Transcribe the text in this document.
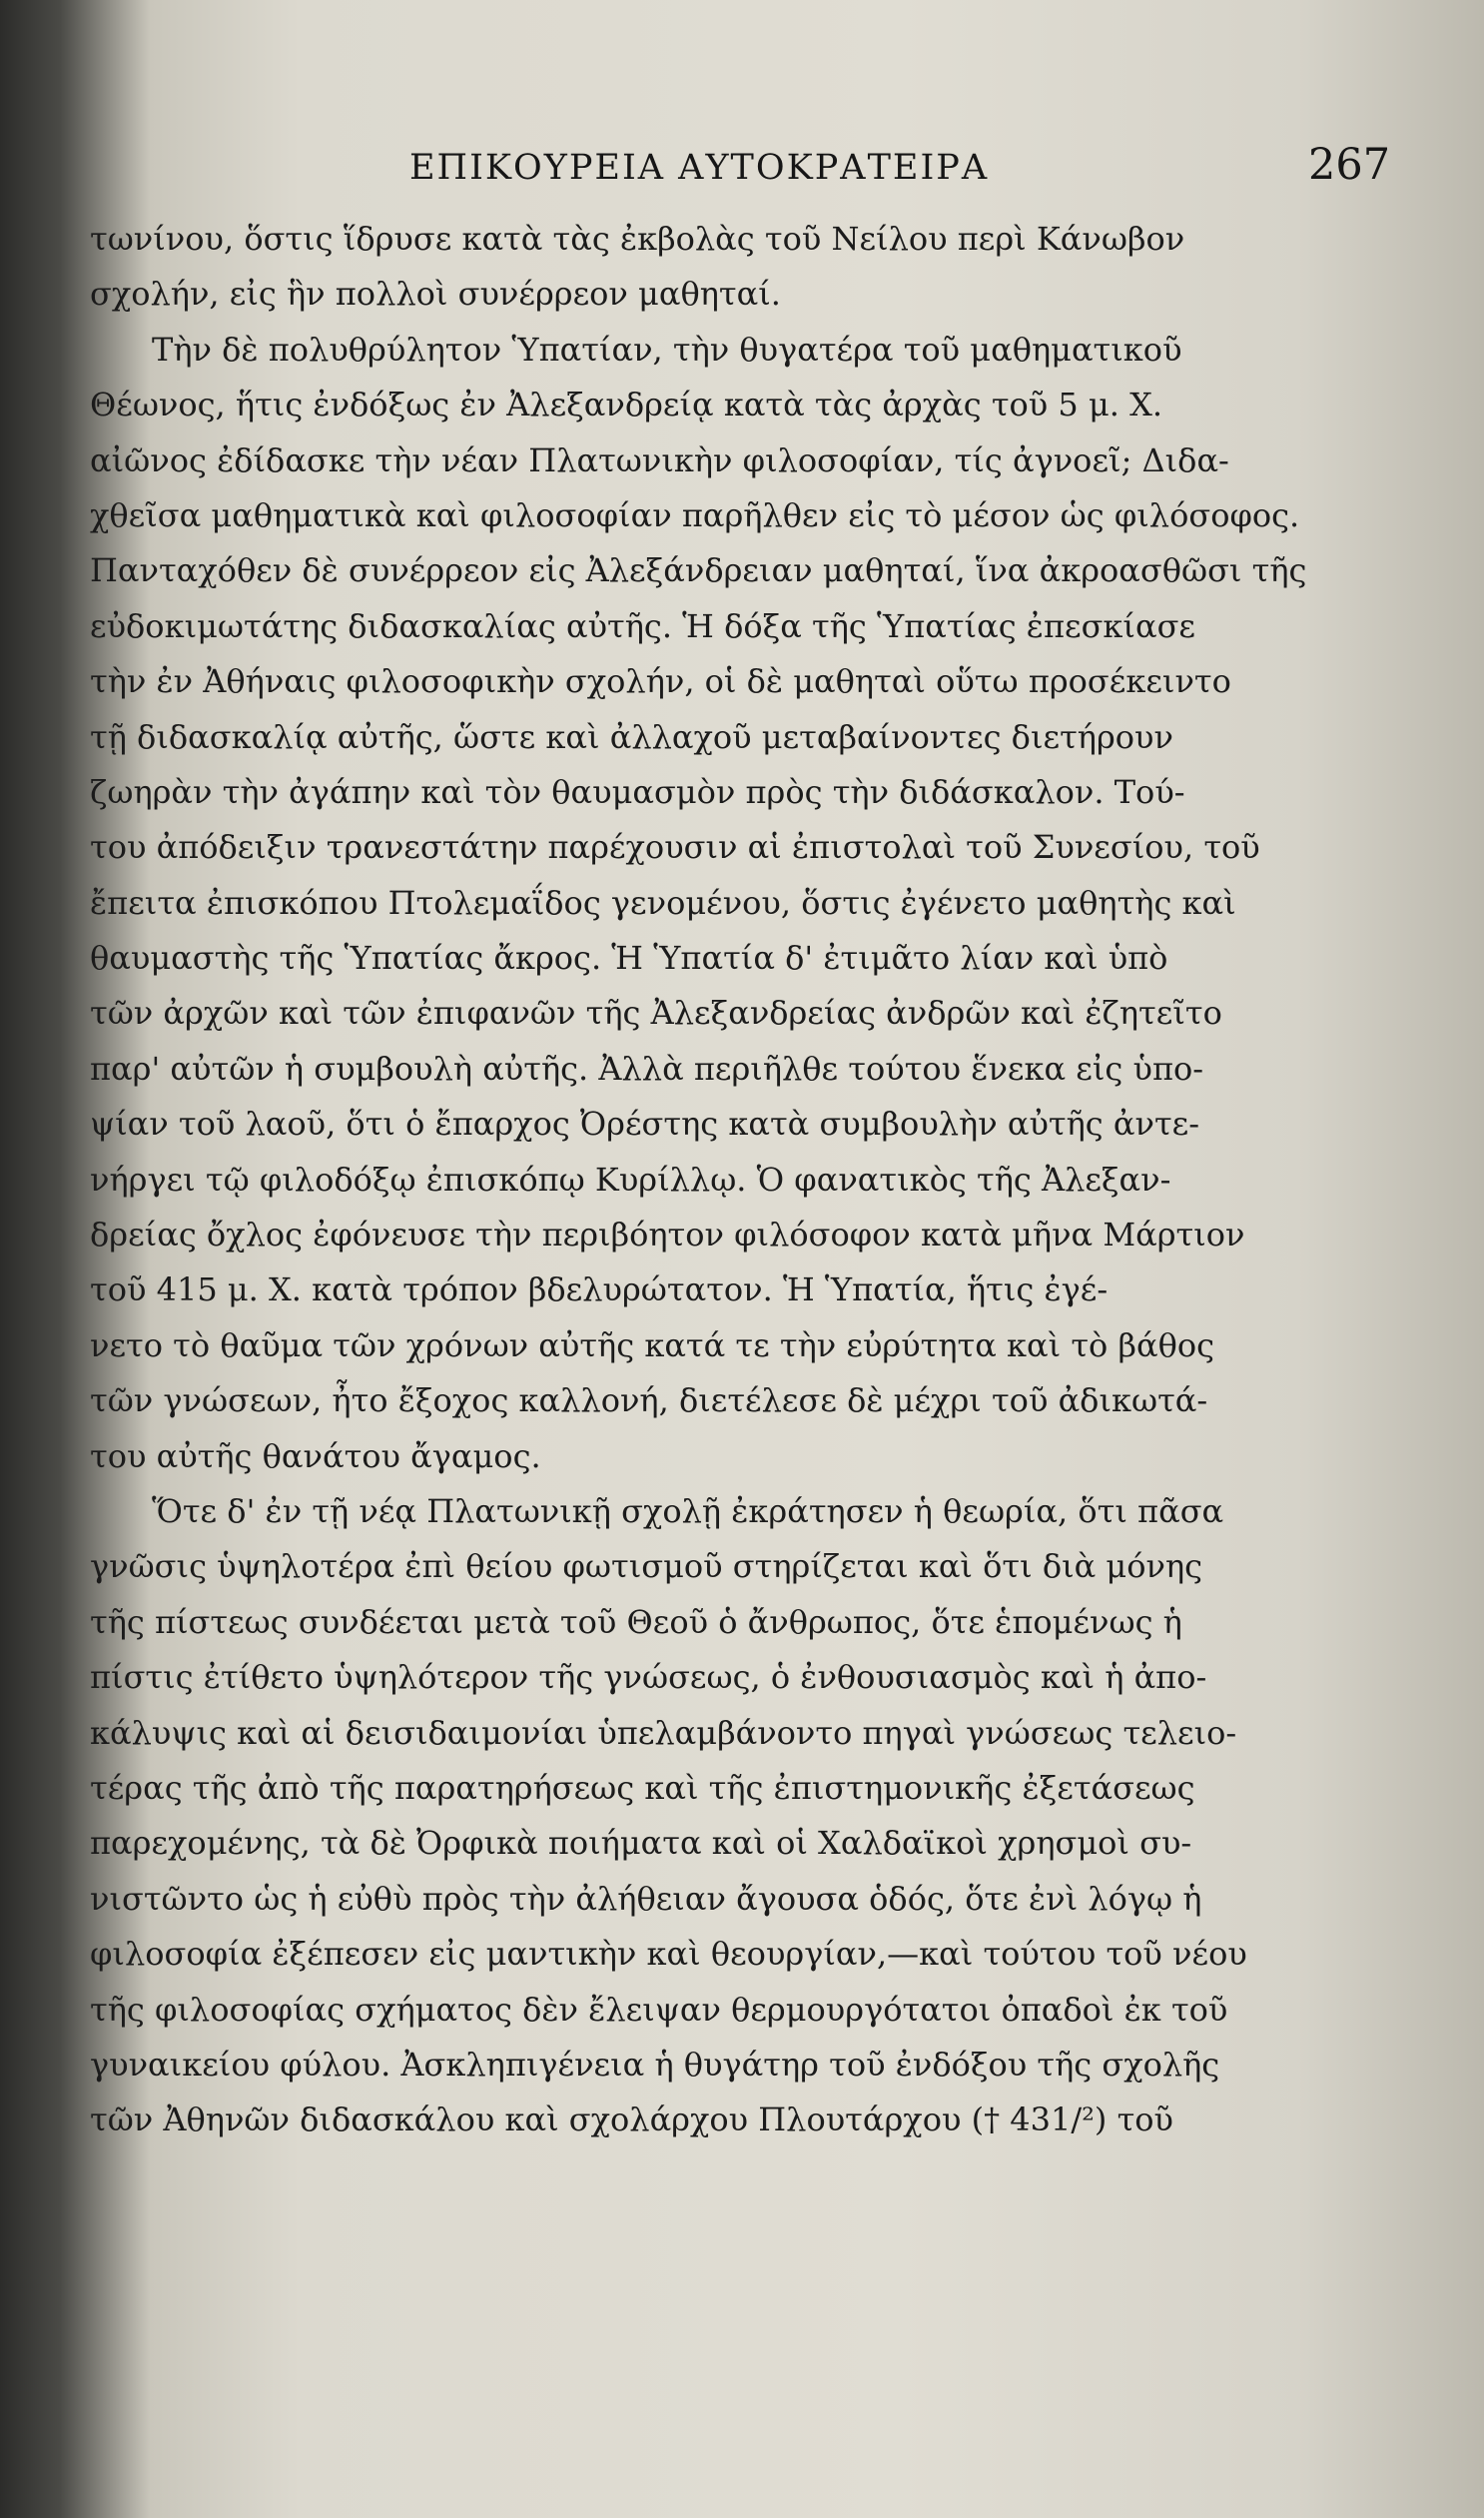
ΕΠΙΚΟΥΡΕΙΑ ΑΥΤΟΚΡΑΤΕΙΡΑ	267
τωνίνου, ὅστις ἵδρυσε κατὰ τὰς ἐκβολὰς τοῦ Νείλου περὶ Κάνωβον
σχολήν, εἰς ἣν πολλοὶ συνέρρεον μαθηταί.
Τὴν δὲ πολυθρύλητον Ὑπατίαν, τὴν θυγατέρα τοῦ μαθηματικοῦ
Θέωνος, ἥτις ἐνδόξως ἐν Ἀλεξανδρείᾳ κατὰ τὰς ἀρχὰς τοῦ 5 μ. Χ.
αἰῶνος ἐδίδασκε τὴν νέαν Πλατωνικὴν φιλοσοφίαν, τίς ἀγνοεῖ; Διδα-
χθεῖσα μαθηματικὰ καὶ φιλοσοφίαν παρῆλθεν εἰς τὸ μέσον ὡς φιλόσοφος.
Πανταχόθεν δὲ συνέρρεον εἰς Ἀλεξάνδρειαν μαθηταί, ἵνα ἀκροασθῶσι τῆς
εὐδοκιμωτάτης διδασκαλίας αὐτῆς. Ἡ δόξα τῆς Ὑπατίας ἐπεσκίασε
τὴν ἐν Ἀθήναις φιλοσοφικὴν σχολήν, οἱ δὲ μαθηταὶ οὕτω προσέκειντο
τῇ διδασκαλίᾳ αὐτῆς, ὥστε καὶ ἀλλαχοῦ μεταβαίνοντες διετήρουν
ζωηρὰν τὴν ἀγάπην καὶ τὸν θαυμασμὸν πρὸς τὴν διδάσκαλον. Τού-
του ἀπόδειξιν τρανεστάτην παρέχουσιν αἱ ἐπιστολαὶ τοῦ Συνεσίου, τοῦ
ἔπειτα ἐπισκόπου Πτολεμαΐδος γενομένου, ὅστις ἐγένετο μαθητὴς καὶ
θαυμαστὴς τῆς Ὑπατίας ἄκρος. Ἡ Ὑπατία δ' ἐτιμᾶτο λίαν καὶ ὑπὸ
τῶν ἀρχῶν καὶ τῶν ἐπιφανῶν τῆς Ἀλεξανδρείας ἀνδρῶν καὶ ἐζητεῖτο
παρ' αὐτῶν ἡ συμβουλὴ αὐτῆς. Ἀλλὰ περιῆλθε τούτου ἕνεκα εἰς ὑπο-
ψίαν τοῦ λαοῦ, ὅτι ὁ ἔπαρχος Ὀρέστης κατὰ συμβουλὴν αὐτῆς ἀντε-
νήργει τῷ φιλοδόξῳ ἐπισκόπῳ Κυρίλλῳ. Ὁ φανατικὸς τῆς Ἀλεξαν-
δρείας ὄχλος ἐφόνευσε τὴν περιβόητον φιλόσοφον κατὰ μῆνα Μάρτιον
τοῦ 415 μ. Χ. κατὰ τρόπον βδελυρώτατον. Ἡ Ὑπατία, ἥτις ἐγέ-
νετο τὸ θαῦμα τῶν χρόνων αὐτῆς κατά τε τὴν εὐρύτητα καὶ τὸ βάθος
τῶν γνώσεων, ἦτο ἔξοχος καλλονή, διετέλεσε δὲ μέχρι τοῦ ἀδικωτά-
του αὐτῆς θανάτου ἄγαμος.
Ὅτε δ' ἐν τῇ νέᾳ Πλατωνικῇ σχολῇ ἐκράτησεν ἡ θεωρία, ὅτι πᾶσα
γνῶσις ὑψηλοτέρα ἐπὶ θείου φωτισμοῦ στηρίζεται καὶ ὅτι διὰ μόνης
τῆς πίστεως συνδέεται μετὰ τοῦ Θεοῦ ὁ ἄνθρωπος, ὅτε ἑπομένως ἡ
πίστις ἐτίθετο ὑψηλότερον τῆς γνώσεως, ὁ ἐνθουσιασμὸς καὶ ἡ ἀπο-
κάλυψις καὶ αἱ δεισιδαιμονίαι ὑπελαμβάνοντο πηγαὶ γνώσεως τελειο-
τέρας τῆς ἀπὸ τῆς παρατηρήσεως καὶ τῆς ἐπιστημονικῆς ἐξετάσεως
παρεχομένης, τὰ δὲ Ὀρφικὰ ποιήματα καὶ οἱ Χαλδαϊκοὶ χρησμοὶ συ-
νιστῶντο ὡς ἡ εὐθὺ πρὸς τὴν ἀλήθειαν ἄγουσα ὁδός, ὅτε ἐνὶ λόγῳ ἡ
φιλοσοφία ἐξέπεσεν εἰς μαντικὴν καὶ θεουργίαν,—καὶ τούτου τοῦ νέου
τῆς φιλοσοφίας σχήματος δὲν ἔλειψαν θερμουργότατοι ὀπαδοὶ ἐκ τοῦ
γυναικείου φύλου. Ἀσκληπιγένεια ἡ θυγάτηρ τοῦ ἐνδόξου τῆς σχολῆς
τῶν Ἀθηνῶν διδασκάλου καὶ σχολάρχου Πλουτάρχου († 431/²) τοῦ
